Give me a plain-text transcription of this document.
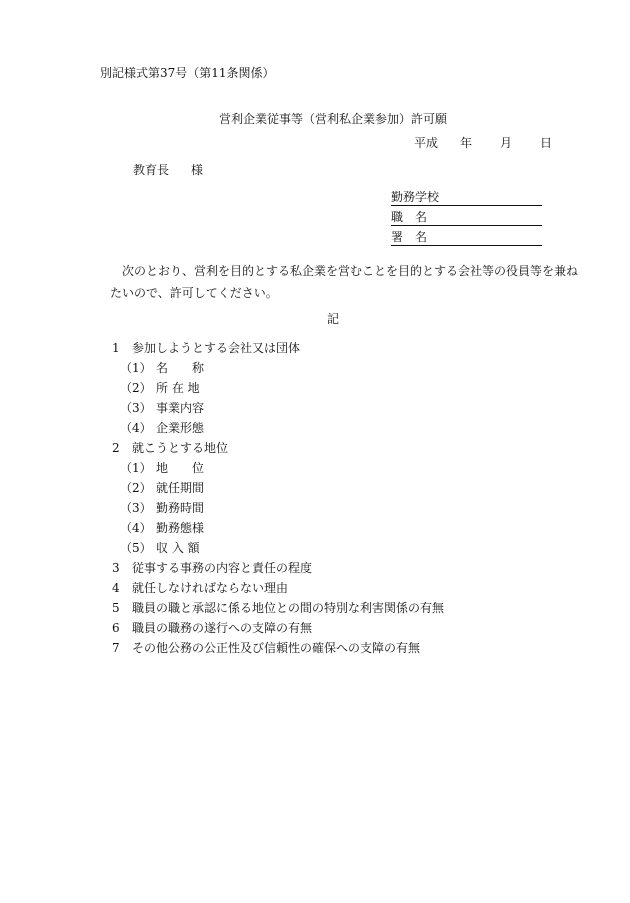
別記様式第37号（第11条関係）
営利企業従事等（営利私企業参加）許可願
平成 年 月 日
教育長 様
勤務学校
職　名
署　名
次のとおり、営利を目的とする私企業を営むことを目的とする会社等の役員等を兼ね
たいので、許可してください。
記
1 参加しようとする会社又は団体
（1） 名　　称
（2） 所 在 地
（3） 事業内容
（4） 企業形態
2 就こうとする地位
（1） 地　　位
（2） 就任期間
（3） 勤務時間
（4） 勤務態様
（5） 収 入 額
3 従事する事務の内容と責任の程度
4 就任しなければならない理由
5 職員の職と承認に係る地位との間の特別な利害関係の有無
6 職員の職務の遂行への支障の有無
7 その他公務の公正性及び信頼性の確保への支障の有無
